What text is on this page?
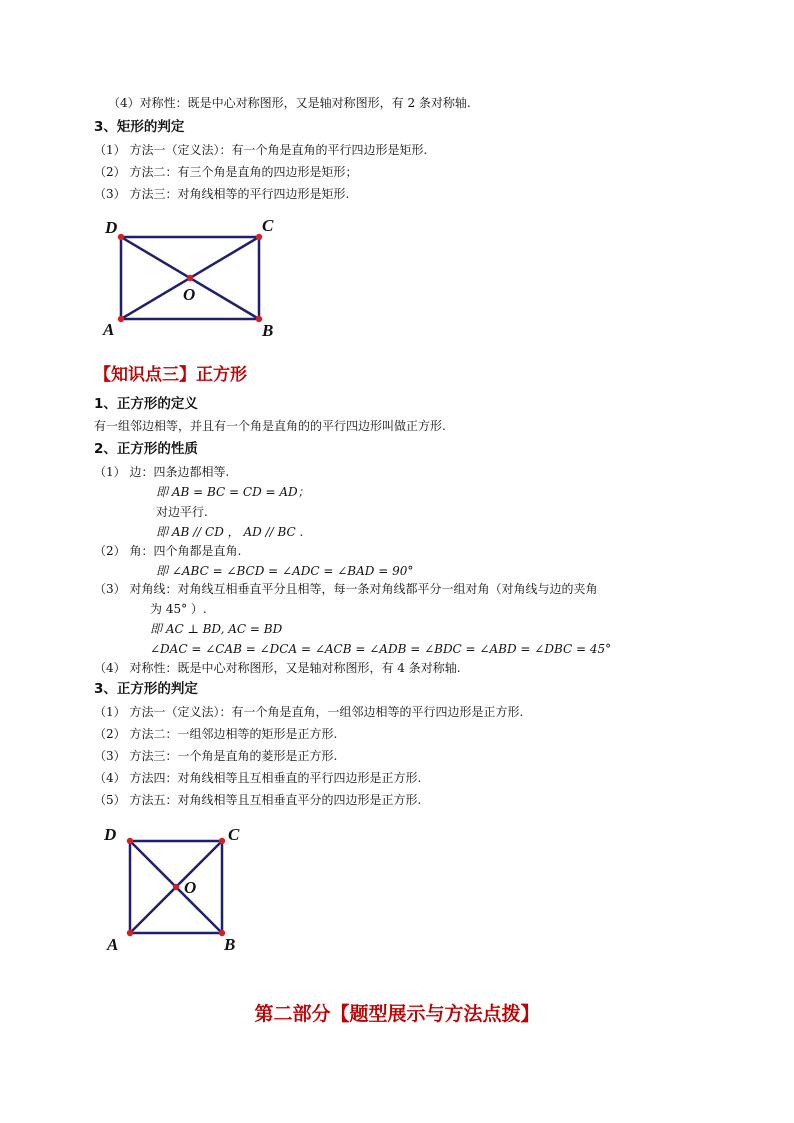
（4）对称性：既是中心对称图形，又是轴对称图形，有 2 条对称轴.
3、矩形的判定
（1） 方法一（定义法）：有一个角是直角的平行四边形是矩形.
（2） 方法二：有三个角是直角的四边形是矩形；
（3） 方法三：对角线相等的平行四边形是矩形.
D	C
O
A	B
D	C
O
A	B
【知识点三】正方形
1、正方形的定义
有一组邻边相等，并且有一个角是直角的的平行四边形叫做正方形.
2、正方形的性质
（1） 边：四条边都相等.
即 AB = BC = CD = AD；
对边平行.
即 AB // CD ， AD // BC .
（2） 角：四个角都是直角.
即 ∠ABC = ∠BCD = ∠ADC = ∠BAD = 90°
（3） 对角线：对角线互相垂直平分且相等，每一条对角线都平分一组对角（对角线与边的夹角
为 45° ）.
即 AC ⊥ BD, AC = BD
∠DAC = ∠CAB = ∠DCA = ∠ACB = ∠ADB = ∠BDC = ∠ABD = ∠DBC = 45°
（4） 对称性：既是中心对称图形，又是轴对称图形，有 4 条对称轴.
3、正方形的判定
（1） 方法一（定义法）：有一个角是直角，一组邻边相等的平行四边形是正方形.
（2） 方法二：一组邻边相等的矩形是正方形.
（3） 方法三：一个角是直角的菱形是正方形.
（4） 方法四：对角线相等且互相垂直的平行四边形是正方形.
（5） 方法五：对角线相等且互相垂直平分的四边形是正方形.
第二部分【题型展示与方法点拨】
